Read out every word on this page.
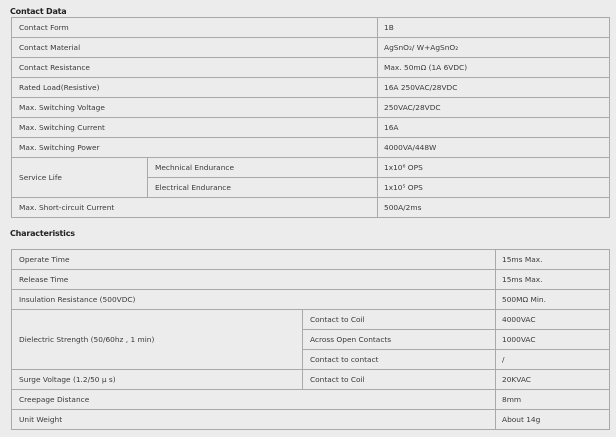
Contact Data
Contact Form		1B
Contact Material		AgSnO₂/ W+AgSnO₂
Contact Resistance		Max. 50mΩ (1A 6VDC)
Rated Load(Resistive)		16A 250VAC/28VDC
Max. Switching Voltage		250VAC/28VDC
Max. Switching Current		16A
Max. Switching Power		4000VA/448W
Service Life	Mechnical Endurance	1x10⁶ OPS
	Electrical Endurance	1x10⁵ OPS
Max. Short-circuit Current		500A/2ms
Characteristics
Operate Time		15ms Max.
Release Time		15ms Max.
Insulation Resistance (500VDC)		500MΩ Min.
Dielectric Strength (50/60hz , 1 min)	Contact to Coil	4000VAC
	Across Open Contacts	1000VAC
	Contact to contact	/
Surge Voltage (1.2/50 μ s)	Contact to Coil	20KVAC
Creepage Distance		8mm
Unit Weight		About 14g
